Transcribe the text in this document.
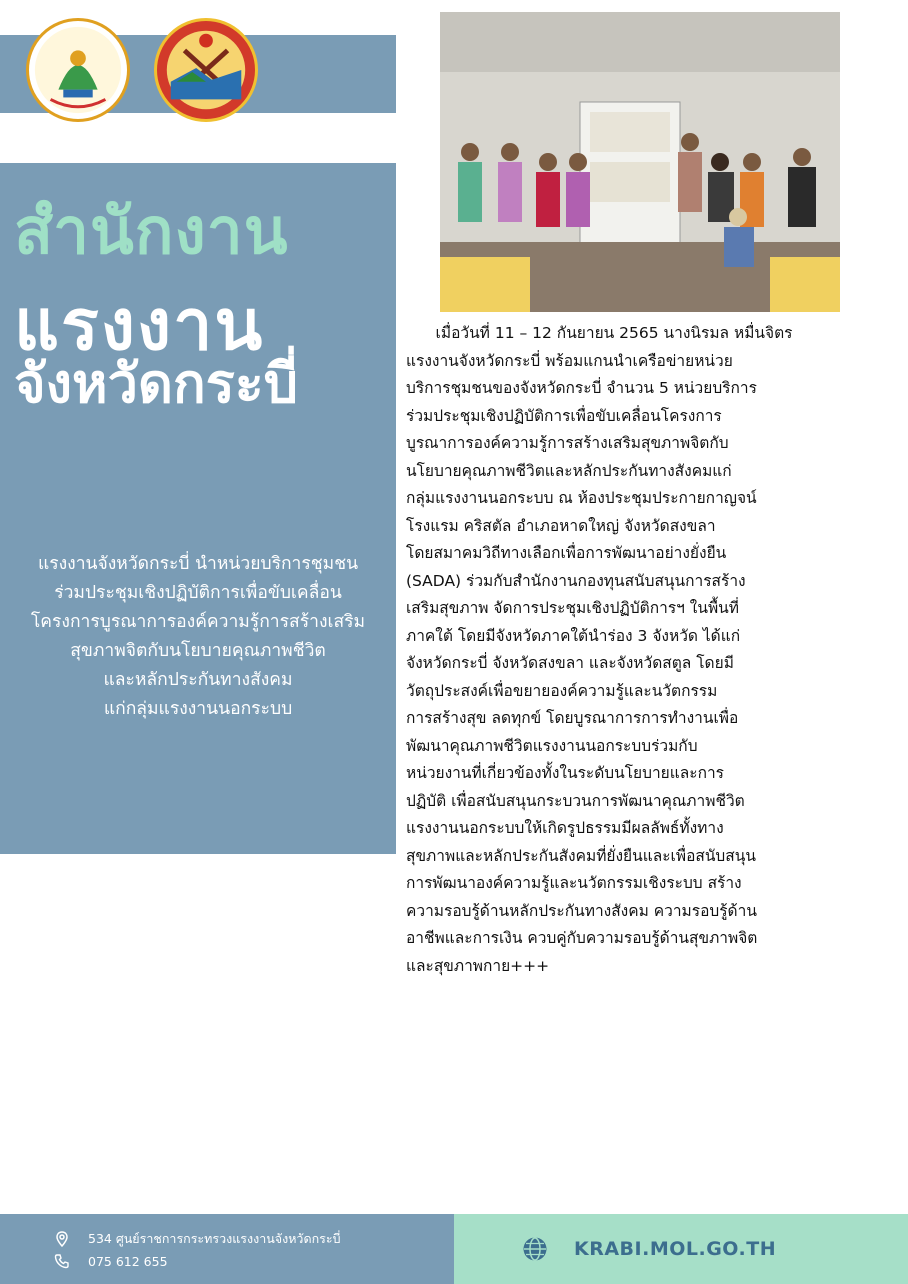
สำนักงาน
แรงงาน
จังหวัดกระบี่
แรงงานจังหวัดกระบี่ นำหน่วยบริการชุมชน
ร่วมประชุมเชิงปฏิบัติการเพื่อขับเคลื่อน
โครงการบูรณาการองค์ความรู้การสร้างเสริม
สุขภาพจิตกับนโยบายคุณภาพชีวิต
และหลักประกันทางสังคม
แก่กลุ่มแรงงานนอกระบบ
เมื่อวันที่ 11 – 12 กันยายน 2565 นางนิรมล หมื่นจิตร
แรงงานจังหวัดกระบี่ พร้อมแกนนำเครือข่ายหน่วย
บริการชุมชนของจังหวัดกระบี่ จำนวน 5 หน่วยบริการ
ร่วมประชุมเชิงปฏิบัติการเพื่อขับเคลื่อนโครงการ
บูรณาการองค์ความรู้การสร้างเสริมสุขภาพจิตกับ
นโยบายคุณภาพชีวิตและหลักประกันทางสังคมแก่
กลุ่มแรงงานนอกระบบ ณ ห้องประชุมประกายกาญจน์
โรงแรม คริสตัล อำเภอหาดใหญ่ จังหวัดสงขลา
โดยสมาคมวิถีทางเลือกเพื่อการพัฒนาอย่างยั่งยืน
(SADA) ร่วมกับสำนักงานกองทุนสนับสนุนการสร้าง
เสริมสุขภาพ จัดการประชุมเชิงปฏิบัติการฯ ในพื้นที่
ภาคใต้ โดยมีจังหวัดภาคใต้นำร่อง 3 จังหวัด ได้แก่
จังหวัดกระบี่ จังหวัดสงขลา และจังหวัดสตูล โดยมี
วัตถุประสงค์เพื่อขยายองค์ความรู้และนวัตกรรม
การสร้างสุข ลดทุกข์ โดยบูรณาการการทำงานเพื่อ
พัฒนาคุณภาพชีวิตแรงงานนอกระบบร่วมกับ
หน่วยงานที่เกี่ยวข้องทั้งในระดับนโยบายและการ
ปฏิบัติ เพื่อสนับสนุนกระบวนการพัฒนาคุณภาพชีวิต
แรงงานนอกระบบให้เกิดรูปธรรมมีผลลัพธ์ทั้งทาง
สุขภาพและหลักประกันสังคมที่ยั่งยืนและเพื่อสนับสนุน
การพัฒนาองค์ความรู้และนวัตกรรมเชิงระบบ สร้าง
ความรอบรู้ด้านหลักประกันทางสังคม ความรอบรู้ด้าน
อาชีพและการเงิน ควบคู่กับความรอบรู้ด้านสุขภาพจิต
และสุขภาพกาย+++
534 ศูนย์ราชการกระทรวงแรงงานจังหวัดกระบี่
075 612 655
KRABI.MOL.GO.TH
